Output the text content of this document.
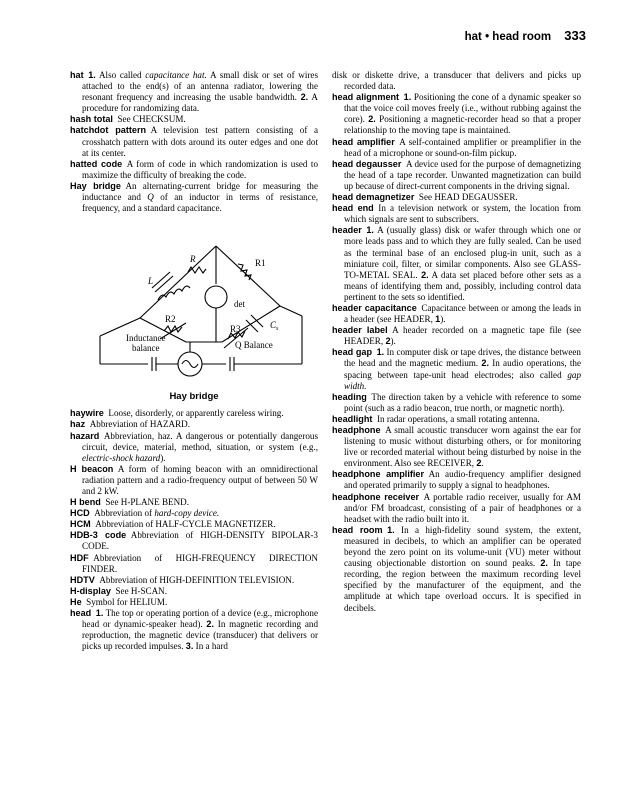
hat • head room 333

hat  1. Also called capacitance hat. A small disk or set of wires attached to the end(s) of an antenna radiator, lowering the resonant frequency and increasing the usable bandwidth. 2. A procedure for randomizing data.

hash total  See CHECKSUM.

hatchdot pattern  A television test pattern consisting of a crosshatch pattern with dots around its outer edges and one dot at its center.

hatted code  A form of code in which randomization is used to maximize the difficulty of breaking the code.

Hay bridge  An alternating-current bridge for measuring the inductance and Q of an inductor in terms of resistance, frequency, and a standard capacitance.

R	R1
L
det
R2
R3	$C_s$
Inductance
balance	Q Balance
Hay bridge

haywire  Loose, disorderly, or apparently careless wiring.

haz  Abbreviation of HAZARD.

hazard  Abbreviation, haz. A dangerous or potentially dangerous circuit, device, material, method, situation, or system (e.g., electric-shock hazard).

H beacon  A form of homing beacon with an omnidirectional radiation pattern and a radio-frequency output of between 50 W and 2 kW.

H bend  See H-PLANE BEND.

HCD  Abbreviation of hard-copy device.

HCM  Abbreviation of HALF-CYCLE MAGNETIZER.

HDB-3 code  Abbreviation of HIGH-DENSITY BIPOLAR-3 CODE.

HDF  Abbreviation of HIGH-FREQUENCY DIRECTION FINDER.

HDTV  Abbreviation of HIGH-DEFINITION TELEVISION.

H-display  See H-SCAN.

He  Symbol for HELIUM.

head  1. The top or operating portion of a device (e.g., microphone head or dynamic-speaker head). 2. In magnetic recording and reproduction, the magnetic device (transducer) that delivers or picks up recorded impulses. 3. In a hard

disk or diskette drive, a transducer that delivers and picks up recorded data.

head alignment  1. Positioning the cone of a dynamic speaker so that the voice coil moves freely (i.e., without rubbing against the core). 2. Positioning a magnetic-recorder head so that a proper relationship to the moving tape is maintained.

head amplifier  A self-contained amplifier or preamplifier in the head of a microphone or sound-on-film pickup.

head degausser  A device used for the purpose of demagnetizing the head of a tape recorder. Unwanted magnetization can build up because of direct-current components in the driving signal.

head demagnetizer  See HEAD DEGAUSSER.

head end  In a television network or system, the location from which signals are sent to subscribers.

header  1. A (usually glass) disk or wafer through which one or more leads pass and to which they are fully sealed. Can be used as the terminal base of an enclosed plug-in unit, such as a miniature coil, filter, or similar components. Also see GLASS-TO-METAL SEAL. 2. A data set placed before other sets as a means of identifying them and, possibly, including control data pertinent to the sets so identified.

header capacitance  Capacitance between or among the leads in a header (see HEADER, 1).

header label  A header recorded on a magnetic tape file (see HEADER, 2).

head gap  1. In computer disk or tape drives, the distance between the head and the magnetic medium. 2. In audio operations, the spacing between tape-unit head electrodes; also called gap width.

heading  The direction taken by a vehicle with reference to some point (such as a radio beacon, true north, or magnetic north).

headlight  In radar operations, a small rotating antenna.

headphone  A small acoustic transducer worn against the ear for listening to music without disturbing others, or for monitoring live or recorded material without being disturbed by noise in the environment. Also see RECEIVER, 2.

headphone amplifier  An audio-frequency amplifier designed and operated primarily to supply a signal to headphones.

headphone receiver  A portable radio receiver, usually for AM and/or FM broadcast, consisting of a pair of headphones or a headset with the radio built into it.

head room  1. In a high-fidelity sound system, the extent, measured in decibels, to which an amplifier can be operated beyond the zero point on its volume-unit (VU) meter without causing objectionable distortion on sound peaks. 2. In tape recording, the region between the maximum recording level specified by the manufacturer of the equipment, and the amplitude at which tape overload occurs. It is specified in decibels.
